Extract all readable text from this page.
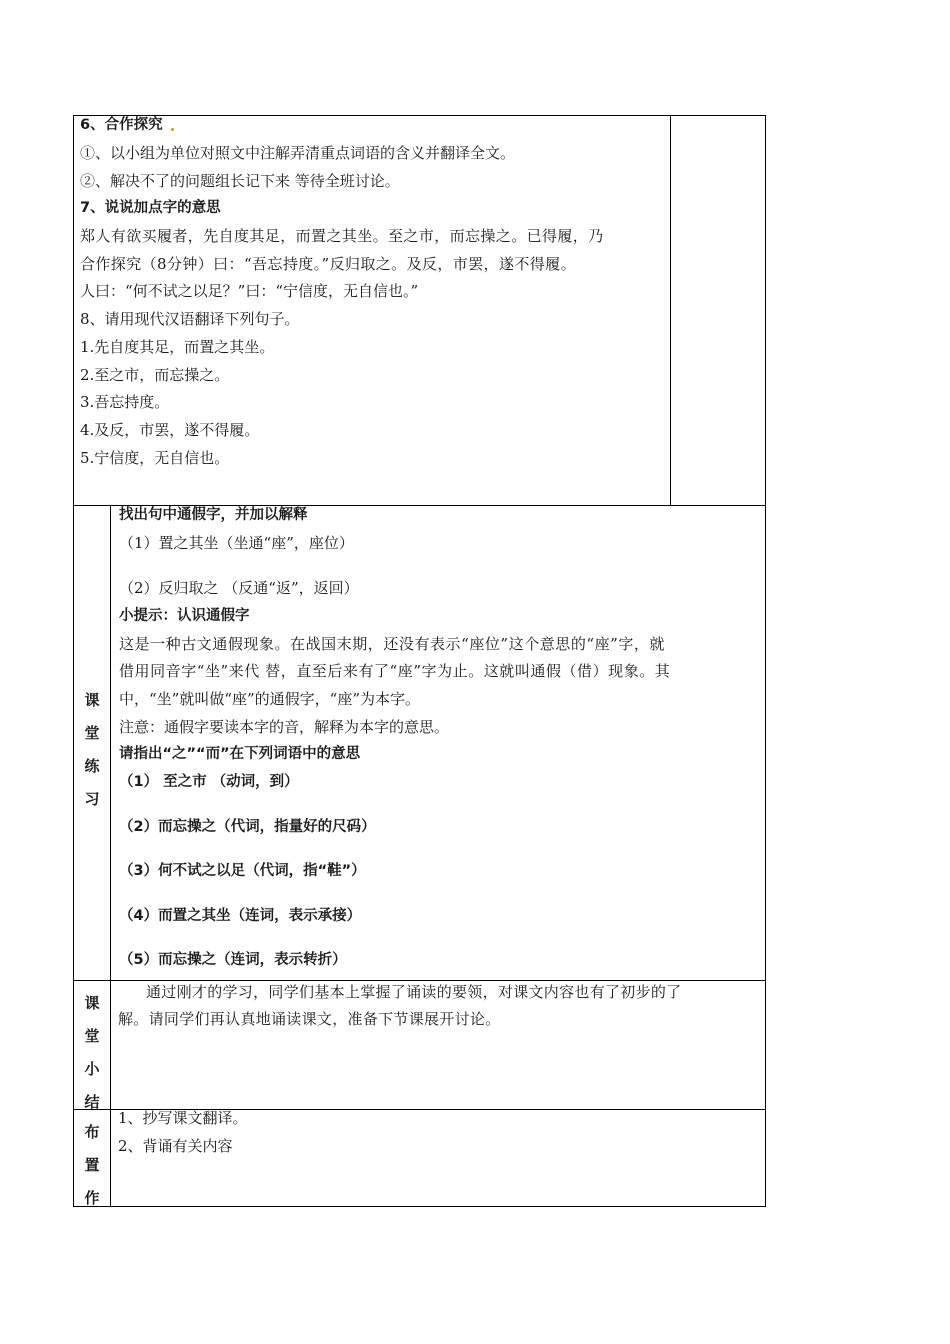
6、合作探究
①、以小组为单位对照文中注解弄清重点词语的含义并翻译全文。
②、解决不了的问题组长记下来 等待全班讨论。
7、说说加点字的意思
郑人有欲买履者，先自度其足，而置之其坐。至之市，而忘操之。已得履，乃
合作探究（8分钟）曰：“吾忘持度。”反归取之。及反，市罢，遂不得履。
人曰：“何不试之以足？”曰：“宁信度，无自信也。”
8、请用现代汉语翻译下列句子。
1.先自度其足，而置之其坐。
2.至之市，而忘操之。
3.吾忘持度。
4.及反，市罢，遂不得履。
5.宁信度，无自信也。
课
堂
练
习
找出句中通假字，并加以解释
（1）置之其坐（坐通“座”，座位）
（2）反归取之 （反通“返”，返回）
小提示：认识通假字
这是一种古文通假现象。在战国末期，还没有表示“座位”这个意思的“座”字，就
借用同音字“坐”来代 替，直至后来有了“座”字为止。这就叫通假（借）现象。其
中，“坐”就叫做“座”的通假字，“座”为本字。
注意：通假字要读本字的音，解释为本字的意思。
请指出“之”“而”在下列词语中的意思
（1） 至之市 （动词，到）
（2）而忘操之（代词，指量好的尺码）
（3）何不试之以足（代词，指“鞋”）
（4）而置之其坐（连词，表示承接）
（5）而忘操之（连词，表示转折）
课
堂
小
结
通过刚才的学习，同学们基本上掌握了诵读的要领，对课文内容也有了初步的了
解。请同学们再认真地诵读课文，准备下节课展开讨论。
布
置
作
1、抄写课文翻译。
2、背诵有关内容
